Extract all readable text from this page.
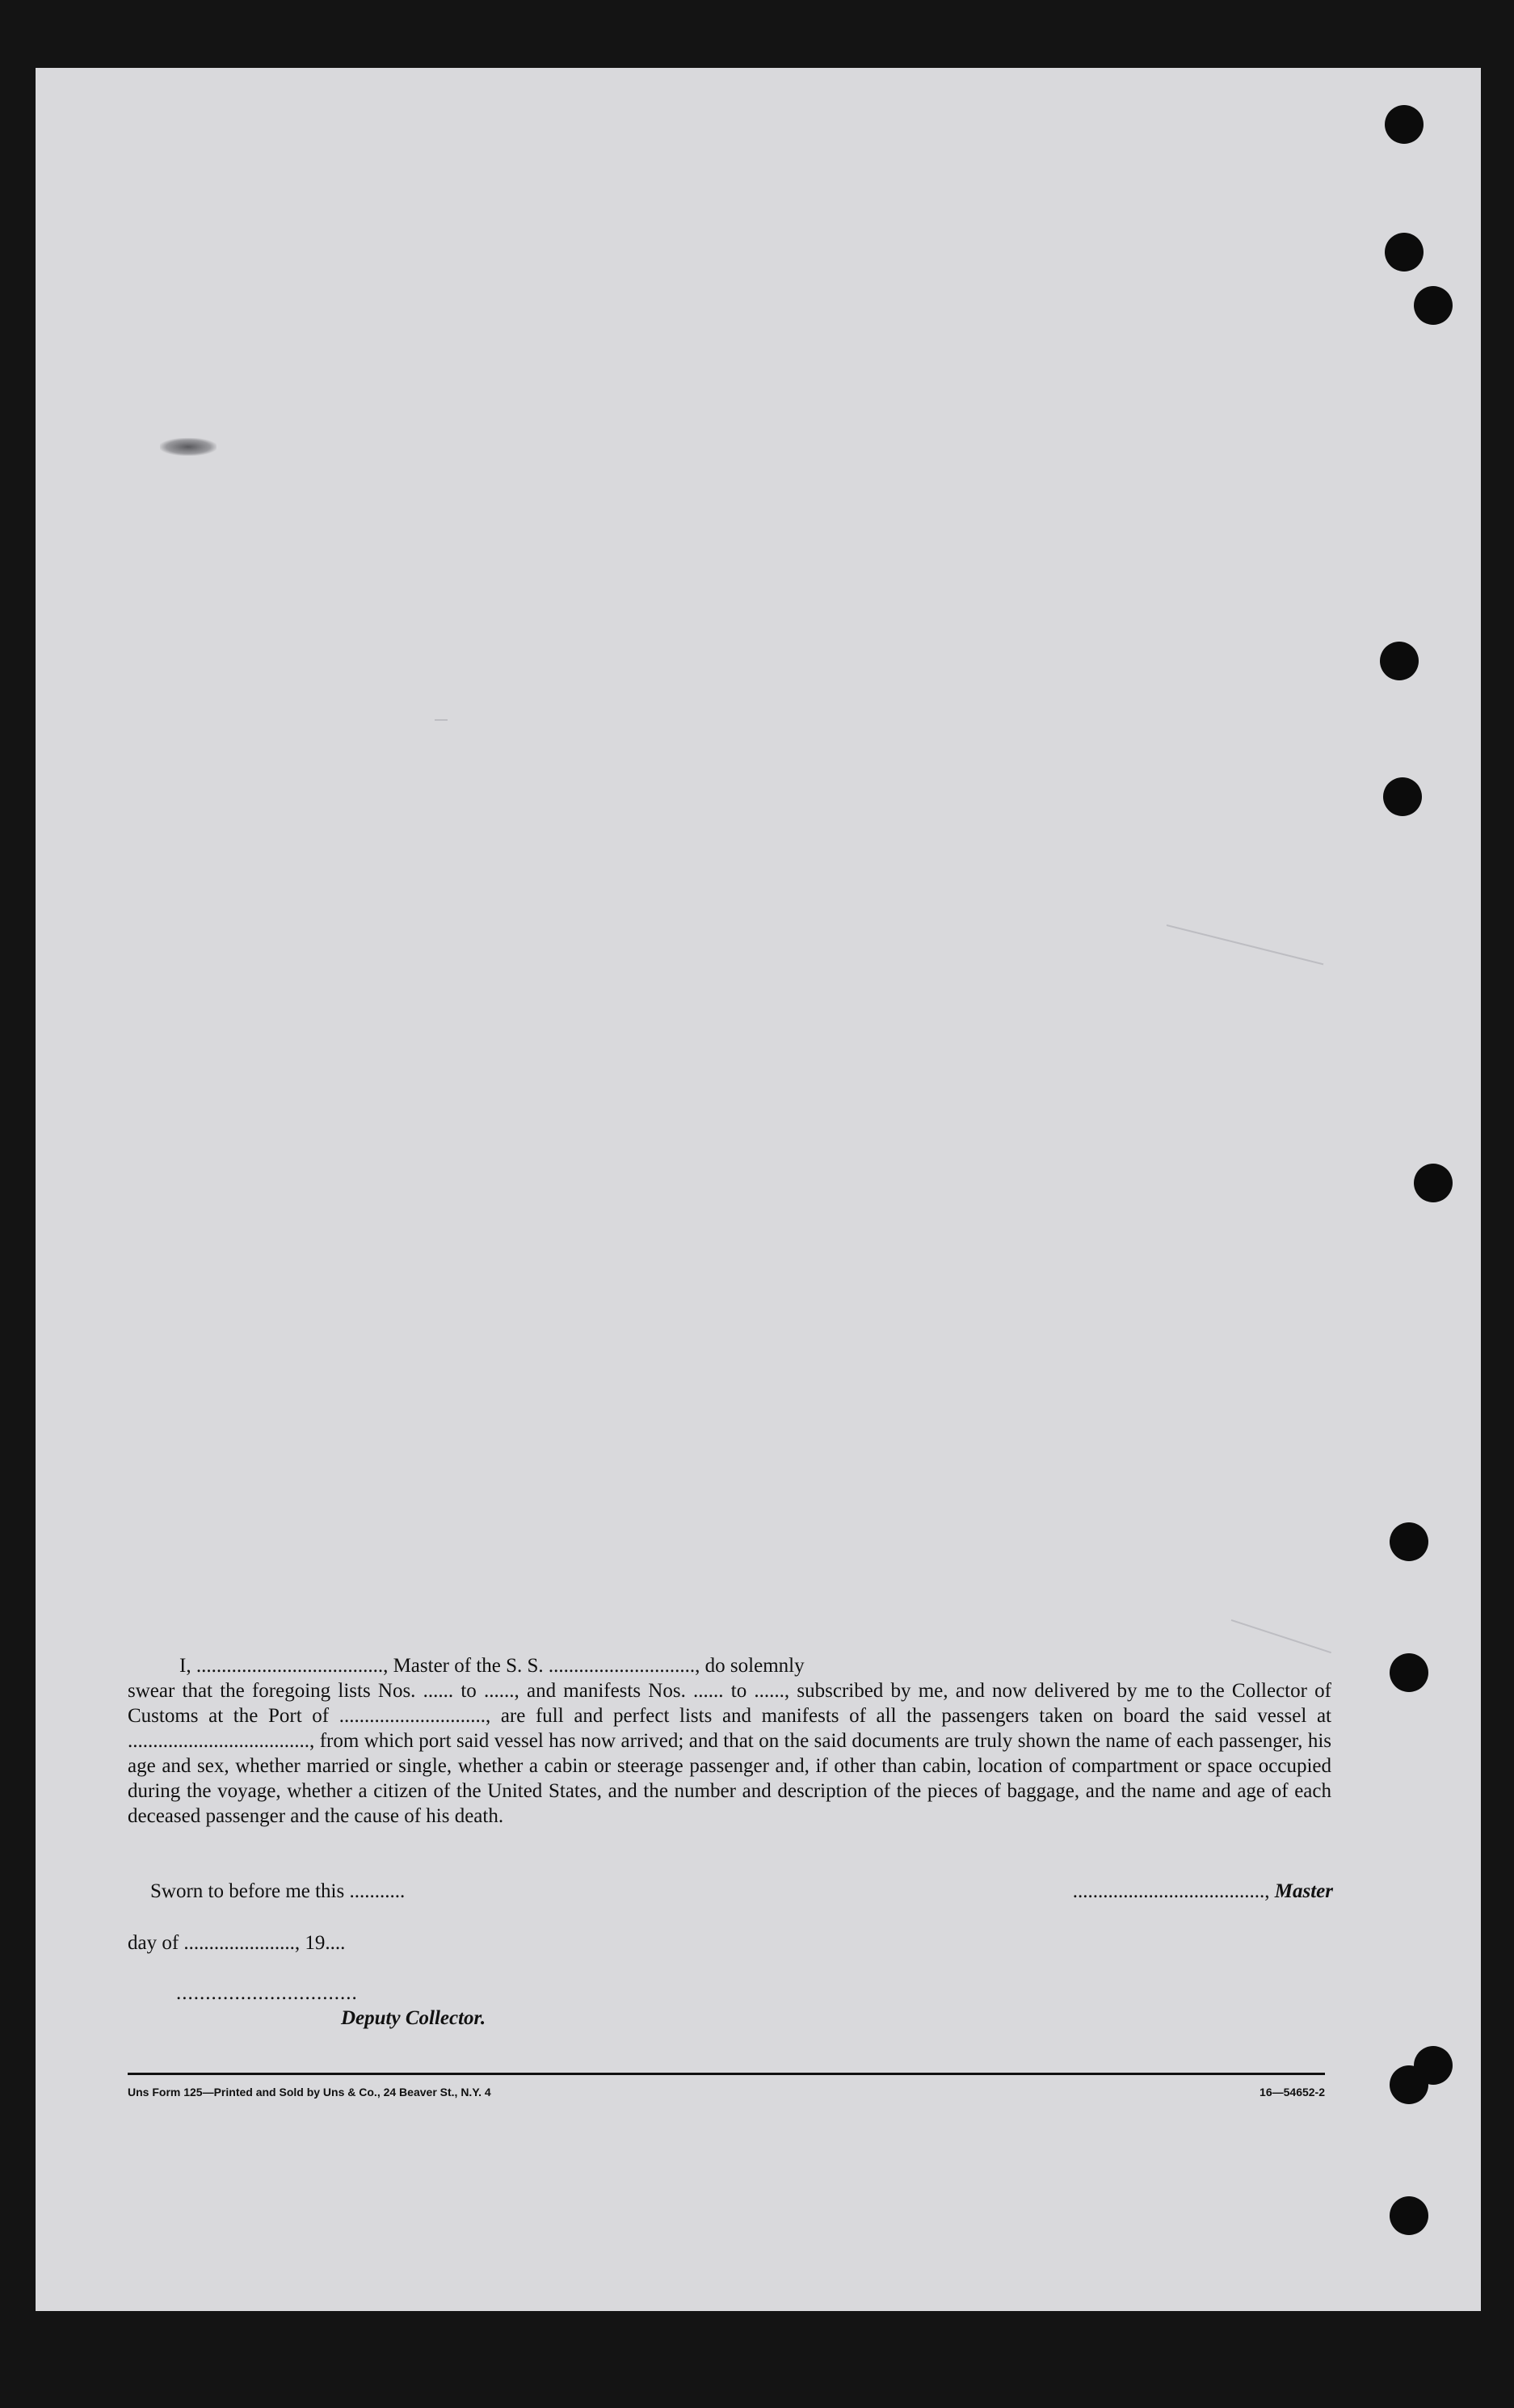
I, ....................................., Master of the S. S. ............................., do solemnly
swear that the foregoing lists Nos. ...... to ......, and manifests Nos. ...... to ......, subscribed by me, and now delivered by me to the Collector of Customs at the Port of ............................., are full and perfect lists and manifests of all the passengers taken on board the said vessel at ...................................., from which port said vessel has now arrived; and that on the said documents are truly shown the name of each passenger, his age and sex, whether married or single, whether a cabin or steerage passenger and, if other than cabin, location of compartment or space occupied during the voyage, whether a citizen of the United States, and the number and description of the pieces of baggage, and the name and age of each deceased passenger and the cause of his death.
Sworn to before me this ...........	......................................, Master
day of ......................, 19....
...............................
Deputy Collector.
Uns Form 125—Printed and Sold by Uns & Co., 24 Beaver St., N.Y. 4	16—54652-2
